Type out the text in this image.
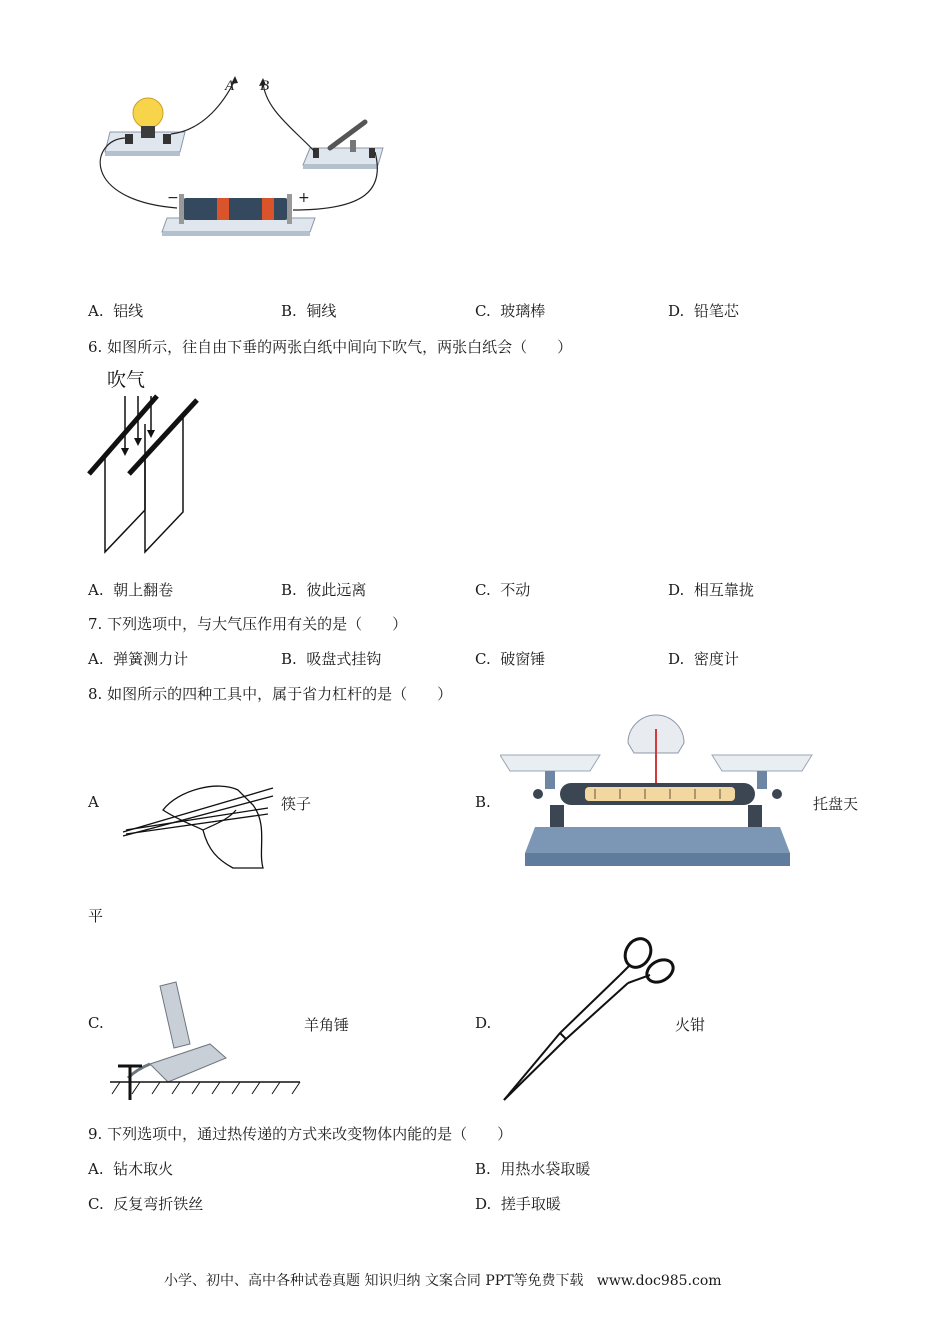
A B
−	+
A. 铝线	B. 铜线	C. 玻璃棒	D. 铅笔芯
6. 如图所示，往自由下垂的两张白纸中间向下吹气，两张白纸会（　　）
吹气
A. 朝上翻卷	B. 彼此远离	C. 不动	D. 相互靠拢
7. 下列选项中，与大气压作用有关的是（　　）
A. 弹簧测力计	B. 吸盘式挂钩	C. 破窗锤	D. 密度计
8. 如图所示的四种工具中，属于省力杠杆的是（　　）
A	筷子	B.	托盘天
平
C.	羊角锤	D.	火钳
9. 下列选项中，通过热传递的方式来改变物体内能的是（　　）
A. 钻木取火	B. 用热水袋取暖
C. 反复弯折铁丝	D. 搓手取暖
小学、初中、高中各种试卷真题 知识归纳 文案合同 PPT等免费下载 www.doc985.com
